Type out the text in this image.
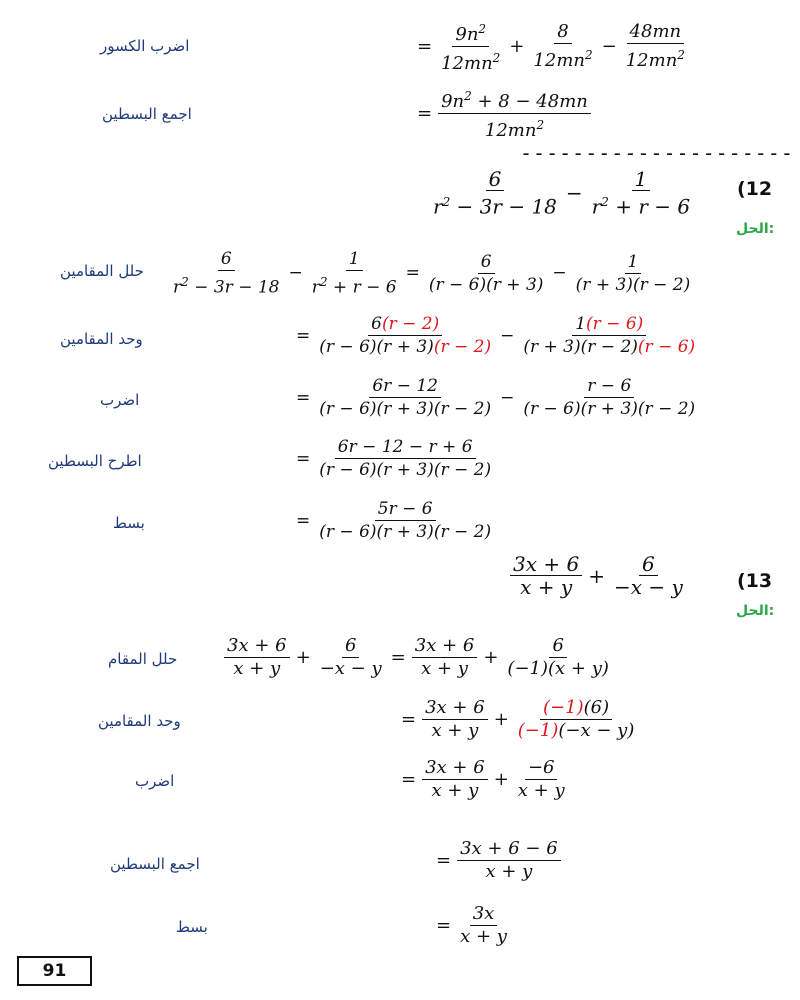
اضرب الكسور	= $\frac{9n^2}{12mn^2} + \frac{8}{12mn^2} - \frac{48mn}{12mn^2}$
اجمع البسطين	= $\frac{9n^2 + 8 - 48mn}{12mn^2}$
---------------------
$\frac{6}{r^2 - 3r - 18} - \frac{1}{r^2 + r - 6} (12$
الحل:
حلل المقامين $\frac{6}{r^2 - 3r - 18} - \frac{1}{r^2 + r - 6} = \frac{6}{(r - 6)(r + 3)} - \frac{1}{(r + 3)(r - 2)}$
وحد المقامين	= $\frac{6(r - 2)}{(r - 6)(r + 3)(r - 2)} - \frac{1(r - 6)}{(r + 3)(r - 2)(r - 6)}$
اضرب	= $\frac{6r - 12}{(r - 6)(r + 3)(r - 2)} - \frac{r - 6}{(r - 6)(r + 3)(r - 2)}$
اطرح البسطين	= $\frac{6r - 12 - r + 6}{(r - 6)(r + 3)(r - 2)}$
بسط	= $\frac{5r - 6}{(r - 6)(r + 3)(r - 2)}$
$\frac{3x + 6}{x + y} + \frac{6}{-x - y}$	(13
الحل:
حلل المقام	$\frac{3x + 6}{x + y} + \frac{6}{-x - y} = \frac{3x + 6}{x + y} + \frac{6}{(-1)(x + y)}$
وحد المقامين	= $\frac{3x + 6}{x + y} + \frac{(-1)(6)}{(-1)(-x - y)}$
اضرب	= $\frac{3x + 6}{x + y} + \frac{-6}{x + y}$
اجمع البسطين	= $\frac{3x + 6 - 6}{x + y}$
بسط	= $\frac{3x}{x + y}$
91
